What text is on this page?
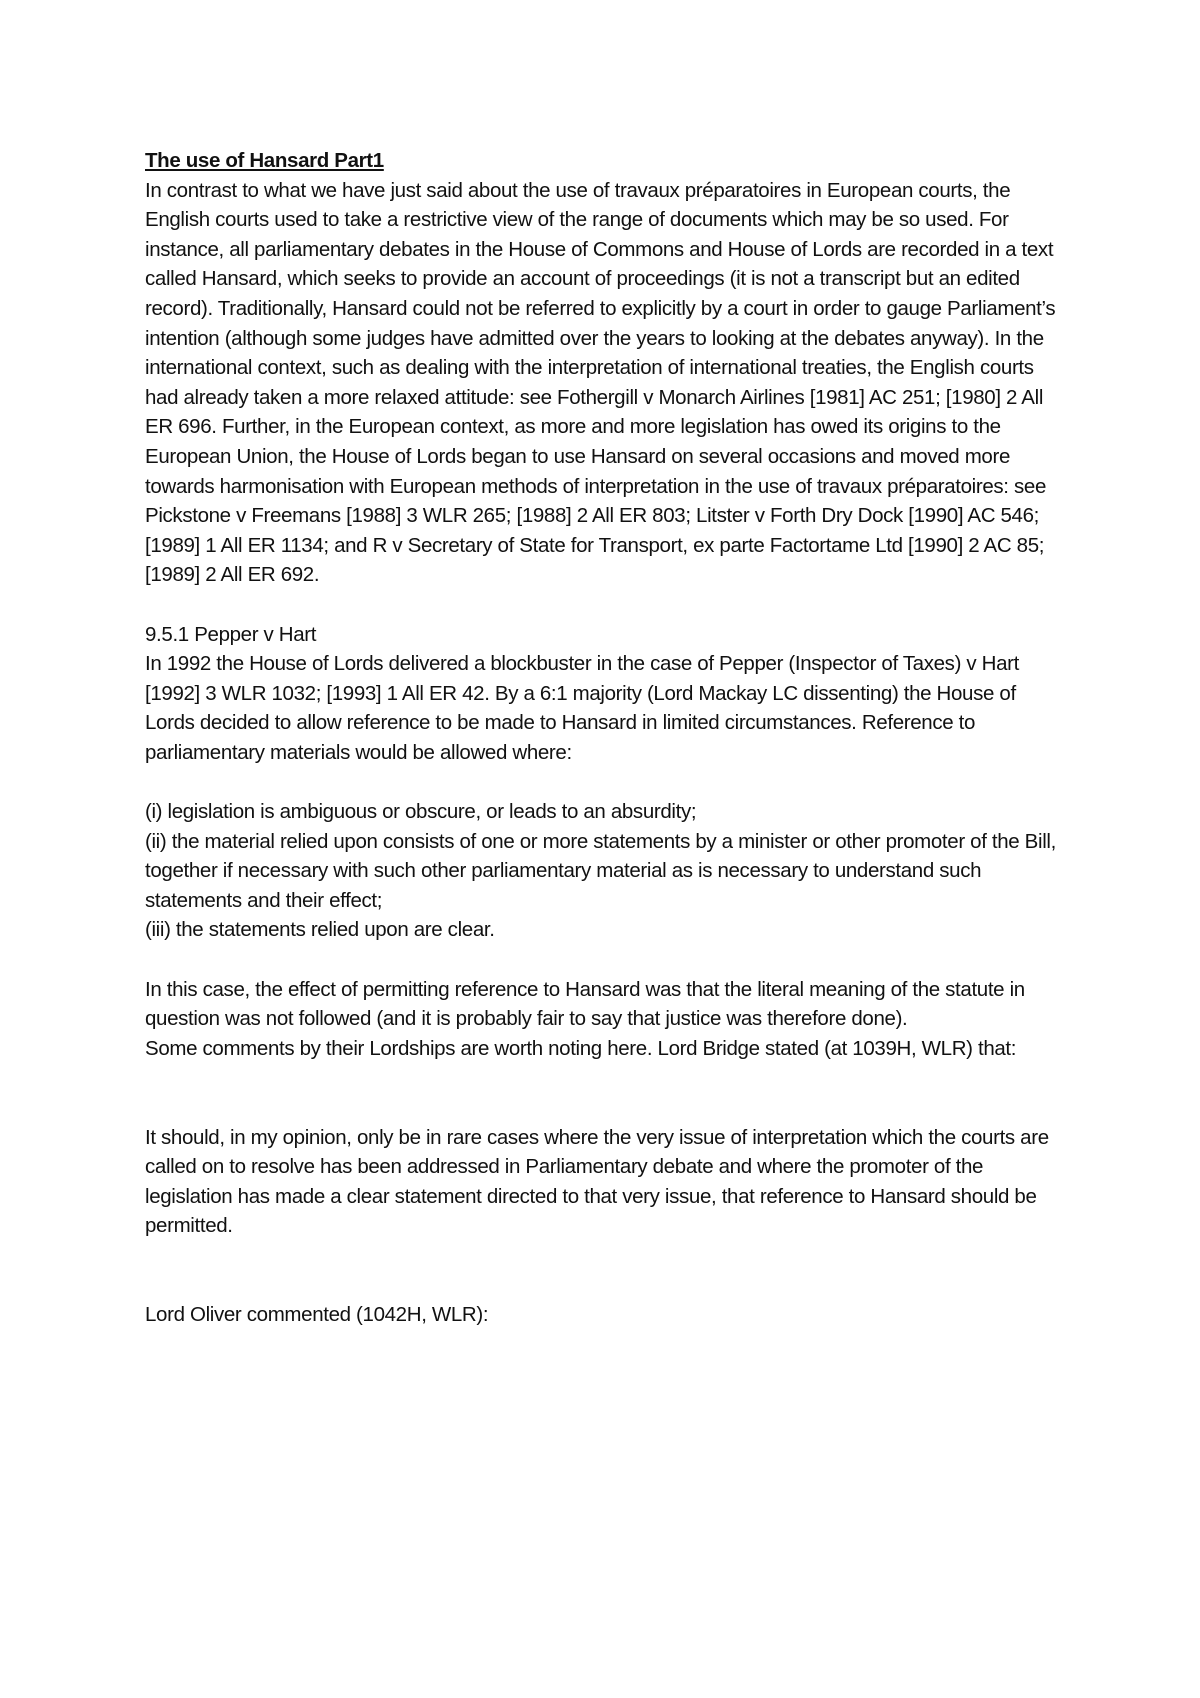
The use of Hansard Part1

In contrast to what we have just said about the use of travaux préparatoires in European courts, the English courts used to take a restrictive view of the range of documents which may be so used. For instance, all parliamentary debates in the House of Commons and House of Lords are recorded in a text called Hansard, which seeks to provide an account of proceedings (it is not a transcript but an edited record). Traditionally, Hansard could not be referred to explicitly by a court in order to gauge Parliament’s intention (although some judges have admitted over the years to looking at the debates anyway). In the international context, such as dealing with the interpretation of international treaties, the English courts had already taken a more relaxed attitude: see Fothergill v Monarch Airlines [1981] AC 251; [1980] 2 All ER 696. Further, in the European context, as more and more legislation has owed its origins to the European Union, the House of Lords began to use Hansard on several occasions and moved more towards harmonisation with European methods of interpretation in the use of travaux préparatoires: see Pickstone v Freemans [1988] 3 WLR 265; [1988] 2 All ER 803; Litster v Forth Dry Dock [1990] AC 546; [1989] 1 All ER 1134; and R v Secretary of State for Transport, ex parte Factortame Ltd [1990] 2 AC 85; [1989] 2 All ER 692.

9.5.1 Pepper v Hart

In 1992 the House of Lords delivered a blockbuster in the case of Pepper (Inspector of Taxes) v Hart [1992] 3 WLR 1032; [1993] 1 All ER 42. By a 6:1 majority (Lord Mackay LC dissenting) the House of Lords decided to allow reference to be made to Hansard in limited circumstances. Reference to parliamentary materials would be allowed where:

(i) legislation is ambiguous or obscure, or leads to an absurdity;

(ii) the material relied upon consists of one or more statements by a minister or other promoter of the Bill, together if necessary with such other parliamentary material as is necessary to understand such statements and their effect;

(iii) the statements relied upon are clear.

In this case, the effect of permitting reference to Hansard was that the literal meaning of the statute in question was not followed (and it is probably fair to say that justice was therefore done).

Some comments by their Lordships are worth noting here. Lord Bridge stated (at 1039H, WLR) that:

It should, in my opinion, only be in rare cases where the very issue of interpretation which the courts are called on to resolve has been addressed in Parliamentary debate and where the promoter of the legislation has made a clear statement directed to that very issue, that reference to Hansard should be permitted.

Lord Oliver commented (1042H, WLR):
